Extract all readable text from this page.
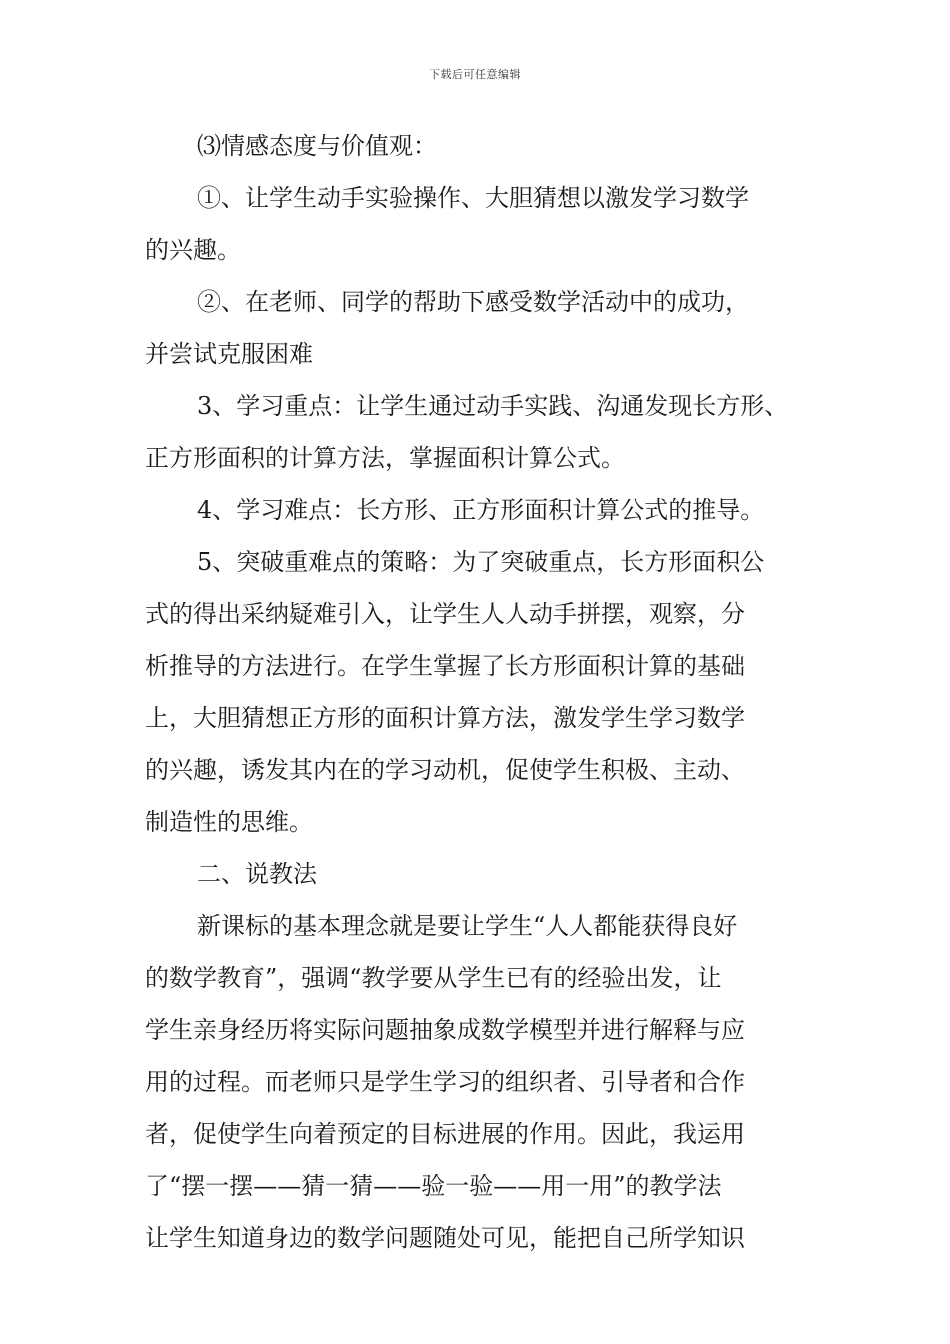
下载后可任意编辑
⑶情感态度与价值观：
①、让学生动手实验操作、大胆猜想以激发学习数学
的兴趣。
②、在老师、同学的帮助下感受数学活动中的成功，
并尝试克服困难
3、学习重点：让学生通过动手实践、沟通发现长方形、
正方形面积的计算方法，掌握面积计算公式。
4、学习难点：长方形、正方形面积计算公式的推导。
5、突破重难点的策略：为了突破重点，长方形面积公
式的得出采纳疑难引入，让学生人人动手拼摆，观察，分
析推导的方法进行。在学生掌握了长方形面积计算的基础
上，大胆猜想正方形的面积计算方法，激发学生学习数学
的兴趣，诱发其内在的学习动机，促使学生积极、主动、
制造性的思维。
二、说教法
新课标的基本理念就是要让学生“人人都能获得良好
的数学教育”，强调“教学要从学生已有的经验出发，让
学生亲身经历将实际问题抽象成数学模型并进行解释与应
用的过程。而老师只是学生学习的组织者、引导者和合作
者，促使学生向着预定的目标进展的作用。因此，我运用
了“摆一摆——猜一猜——验一验——用一用”的教学法
让学生知道身边的数学问题随处可见，能把自己所学知识
